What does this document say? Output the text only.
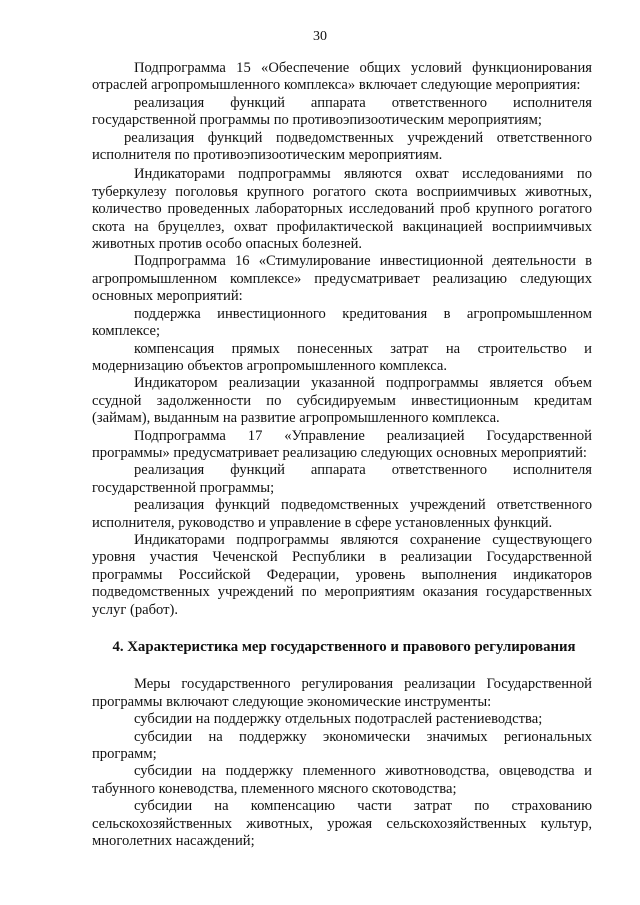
30

Подпрограмма 15 «Обеспечение общих условий функционирования отраслей агропромышленного комплекса» включает следующие мероприятия:

реализация функций аппарата ответственного исполнителя государственной программы по противоэпизоотическим мероприятиям;

реализация функций подведомственных учреждений ответственного исполнителя по противоэпизоотическим мероприятиям.

Индикаторами подпрограммы являются охват исследованиями по туберкулезу поголовья крупного рогатого скота восприимчивых животных, количество проведенных лабораторных исследований проб крупного рогатого скота на бруцеллез, охват профилактической вакцинацией восприимчивых животных против особо опасных болезней.

Подпрограмма 16 «Стимулирование инвестиционной деятельности в агропромышленном комплексе» предусматривает реализацию следующих основных мероприятий:

поддержка инвестиционного кредитования в агропромышленном комплексе;

компенсация прямых понесенных затрат на строительство и модернизацию объектов агропромышленного комплекса.

Индикатором реализации указанной подпрограммы является объем ссудной задолженности по субсидируемым инвестиционным кредитам (займам), выданным на развитие агропромышленного комплекса.

Подпрограмма 17 «Управление реализацией Государственной программы» предусматривает реализацию следующих основных мероприятий:

реализация функций аппарата ответственного исполнителя государственной программы;

реализация функций подведомственных учреждений ответственного исполнителя, руководство и управление в сфере установленных функций.

Индикаторами подпрограммы являются сохранение существующего уровня участия Чеченской Республики в реализации Государственной программы Российской Федерации, уровень выполнения индикаторов подведомственных учреждений по мероприятиям оказания государственных услуг (работ).

4. Характеристика мер государственного и правового регулирования

Меры государственного регулирования реализации Государственной программы включают следующие экономические инструменты:

субсидии на поддержку отдельных подотраслей растениеводства;

субсидии на поддержку экономически значимых региональных программ;

субсидии на поддержку племенного животноводства, овцеводства и табунного коневодства, племенного мясного скотоводства;

субсидии на компенсацию части затрат по страхованию сельскохозяйственных животных, урожая сельскохозяйственных культур, многолетних насаждений;
